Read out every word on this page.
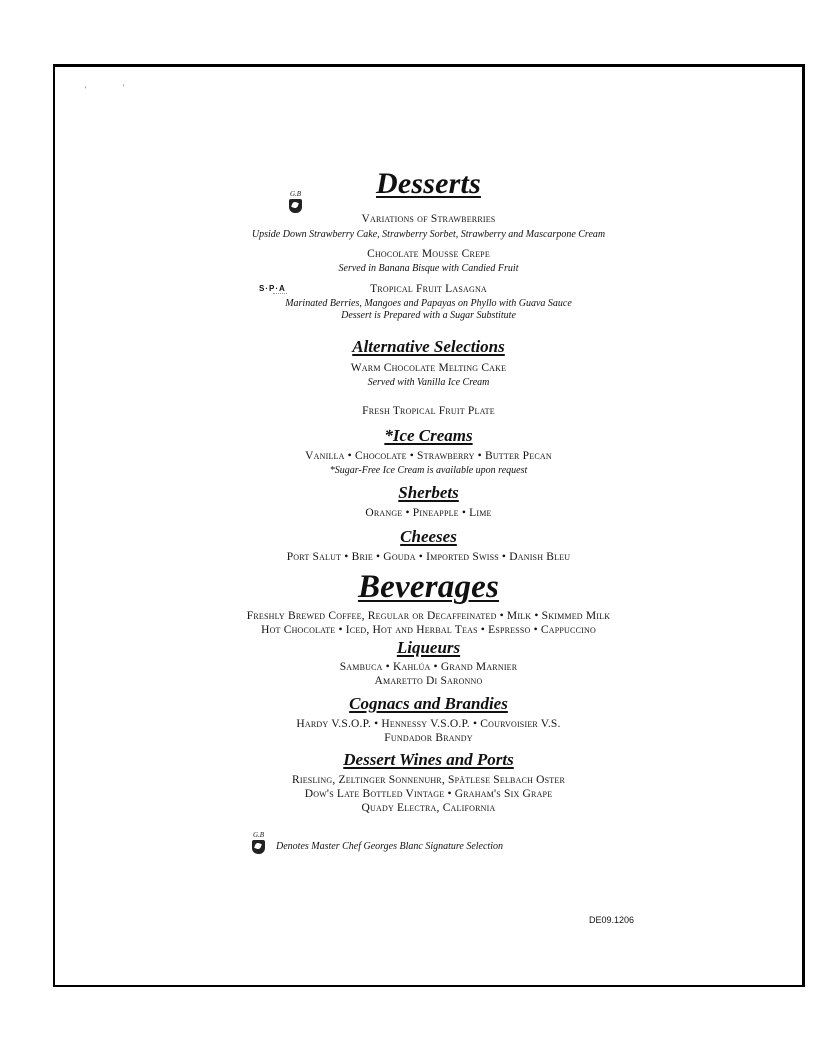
'	'
Desserts
G.B
Variations of Strawberries
Upside Down Strawberry Cake, Strawberry Sorbet, Strawberry and Mascarpone Cream
Chocolate Mousse Crepe
Served in Banana Bisque with Candied Fruit
S·P·A	Tropical Fruit Lasagna
Marinated Berries, Mangoes and Papayas on Phyllo with Guava Sauce
Dessert is Prepared with a Sugar Substitute
Alternative Selections
Warm Chocolate Melting Cake
Served with Vanilla Ice Cream
Fresh Tropical Fruit Plate
*Ice Creams
Vanilla • Chocolate • Strawberry • Butter Pecan
*Sugar-Free Ice Cream is available upon request
Sherbets
Orange • Pineapple • Lime
Cheeses
Port Salut • Brie • Gouda • Imported Swiss • Danish Bleu
Beverages
Freshly Brewed Coffee, Regular or Decaffeinated • Milk • Skimmed Milk
Hot Chocolate • Iced, Hot and Herbal Teas • Espresso • Cappuccino
Liqueurs
Sambuca • Kahlúa • Grand Marnier
Amaretto Di Saronno
Cognacs and Brandies
Hardy V.S.O.P. • Hennessy V.S.O.P. • Courvoisier V.S.
Fundador Brandy
Dessert Wines and Ports
Riesling, Zeltinger Sonnenuhr, Spätlese Selbach Oster
Dow's Late Bottled Vintage • Graham's Six Grape
Quady Electra, California
G.B
Denotes Master Chef Georges Blanc Signature Selection
DE09.1206
